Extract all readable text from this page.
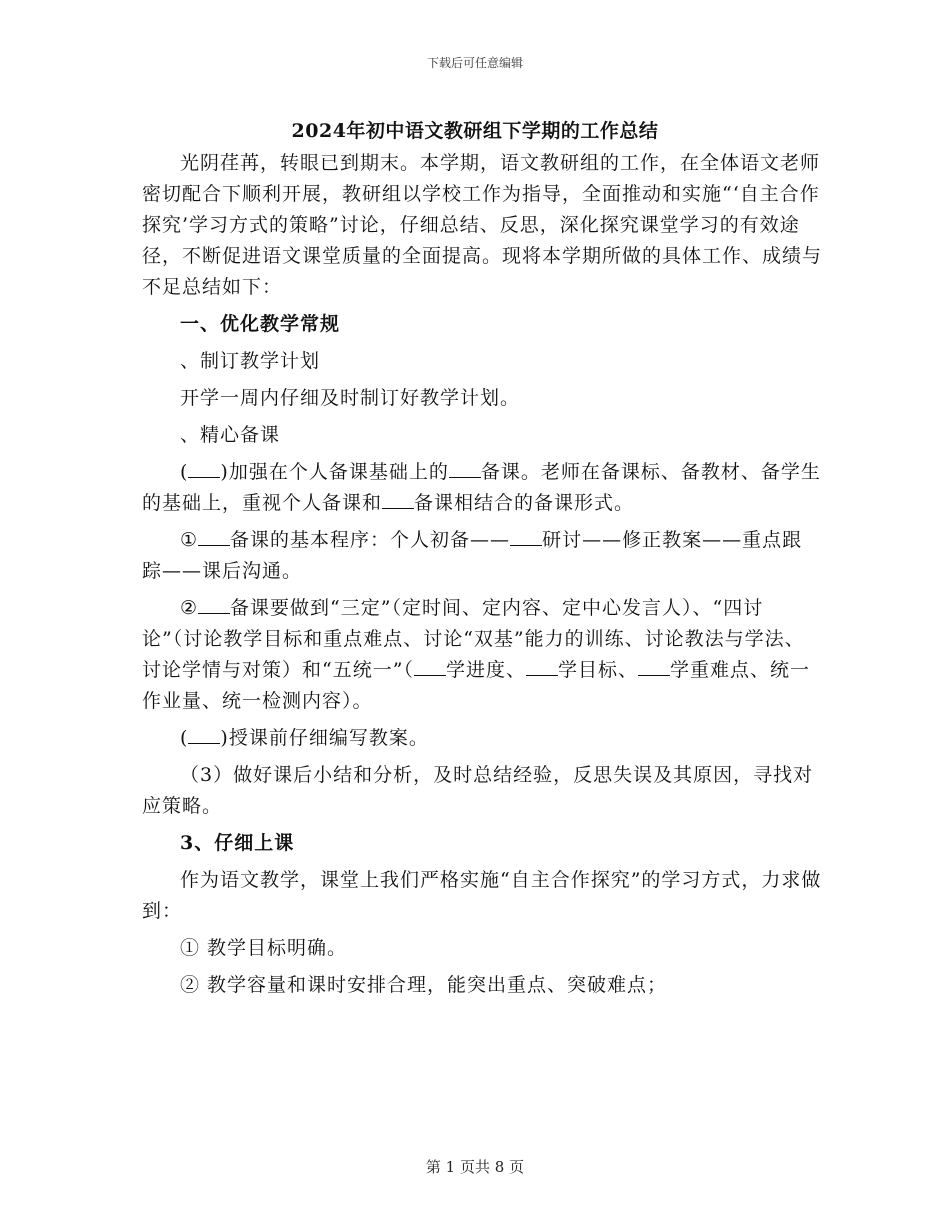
下载后可任意编辑
2024年初中语文教研组下学期的工作总结

光阴荏苒，转眼已到期末。本学期，语文教研组的工作，在全体语文老师密切配合下顺利开展，教研组以学校工作为指导，全面推动和实施“‘自主合作探究’学习方式的策略”讨论，仔细总结、反思，深化探究课堂学习的有效途径，不断促进语文课堂质量的全面提高。现将本学期所做的具体工作、成绩与不足总结如下：

一、优化教学常规

、制订教学计划

开学一周内仔细及时制订好教学计划。

、精心备课

( )加强在个人备课基础上的 备课。老师在备课标、备教材、备学生的基础上，重视个人备课和 备课相结合的备课形式。

① 备课的基本程序：个人初备—— 研讨——修正教案——重点跟踪——课后沟通。

② 备课要做到“三定”（定时间、定内容、定中心发言人）、“四讨论”（讨论教学目标和重点难点、讨论“双基”能力的训练、讨论教法与学法、讨论学情与对策）和“五统一”（ 学进度、 学目标、 学重难点、统一作业量、统一检测内容）。

( )授课前仔细编写教案。

（3）做好课后小结和分析，及时总结经验，反思失误及其原因，寻找对应策略。

3、仔细上课

作为语文教学，课堂上我们严格实施“自主合作探究”的学习方式，力求做到：

① 教学目标明确。

② 教学容量和课时安排合理，能突出重点、突破难点；

第 1 页共 8 页
